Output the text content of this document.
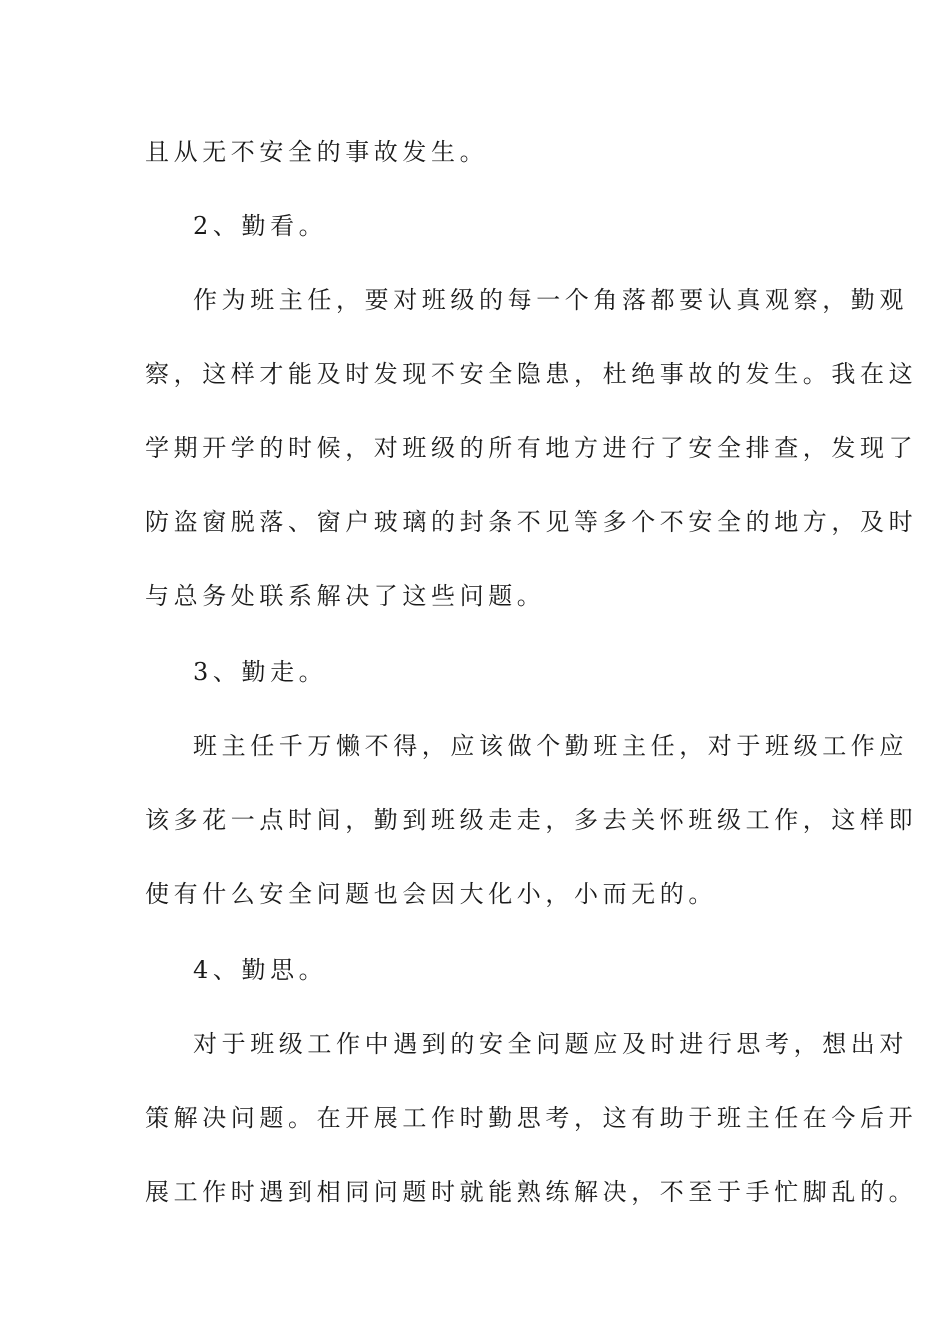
且从无不安全的事故发生。
2、勤看。
作为班主任，要对班级的每一个角落都要认真观察，勤观
察，这样才能及时发现不安全隐患，杜绝事故的发生。我在这
学期开学的时候，对班级的所有地方进行了安全排查，发现了
防盗窗脱落、窗户玻璃的封条不见等多个不安全的地方，及时
与总务处联系解决了这些问题。
3、勤走。
班主任千万懒不得，应该做个勤班主任，对于班级工作应
该多花一点时间，勤到班级走走，多去关怀班级工作，这样即
使有什么安全问题也会因大化小，小而无的。
4、勤思。
对于班级工作中遇到的安全问题应及时进行思考，想出对
策解决问题。在开展工作时勤思考，这有助于班主任在今后开
展工作时遇到相同问题时就能熟练解决，不至于手忙脚乱的。
